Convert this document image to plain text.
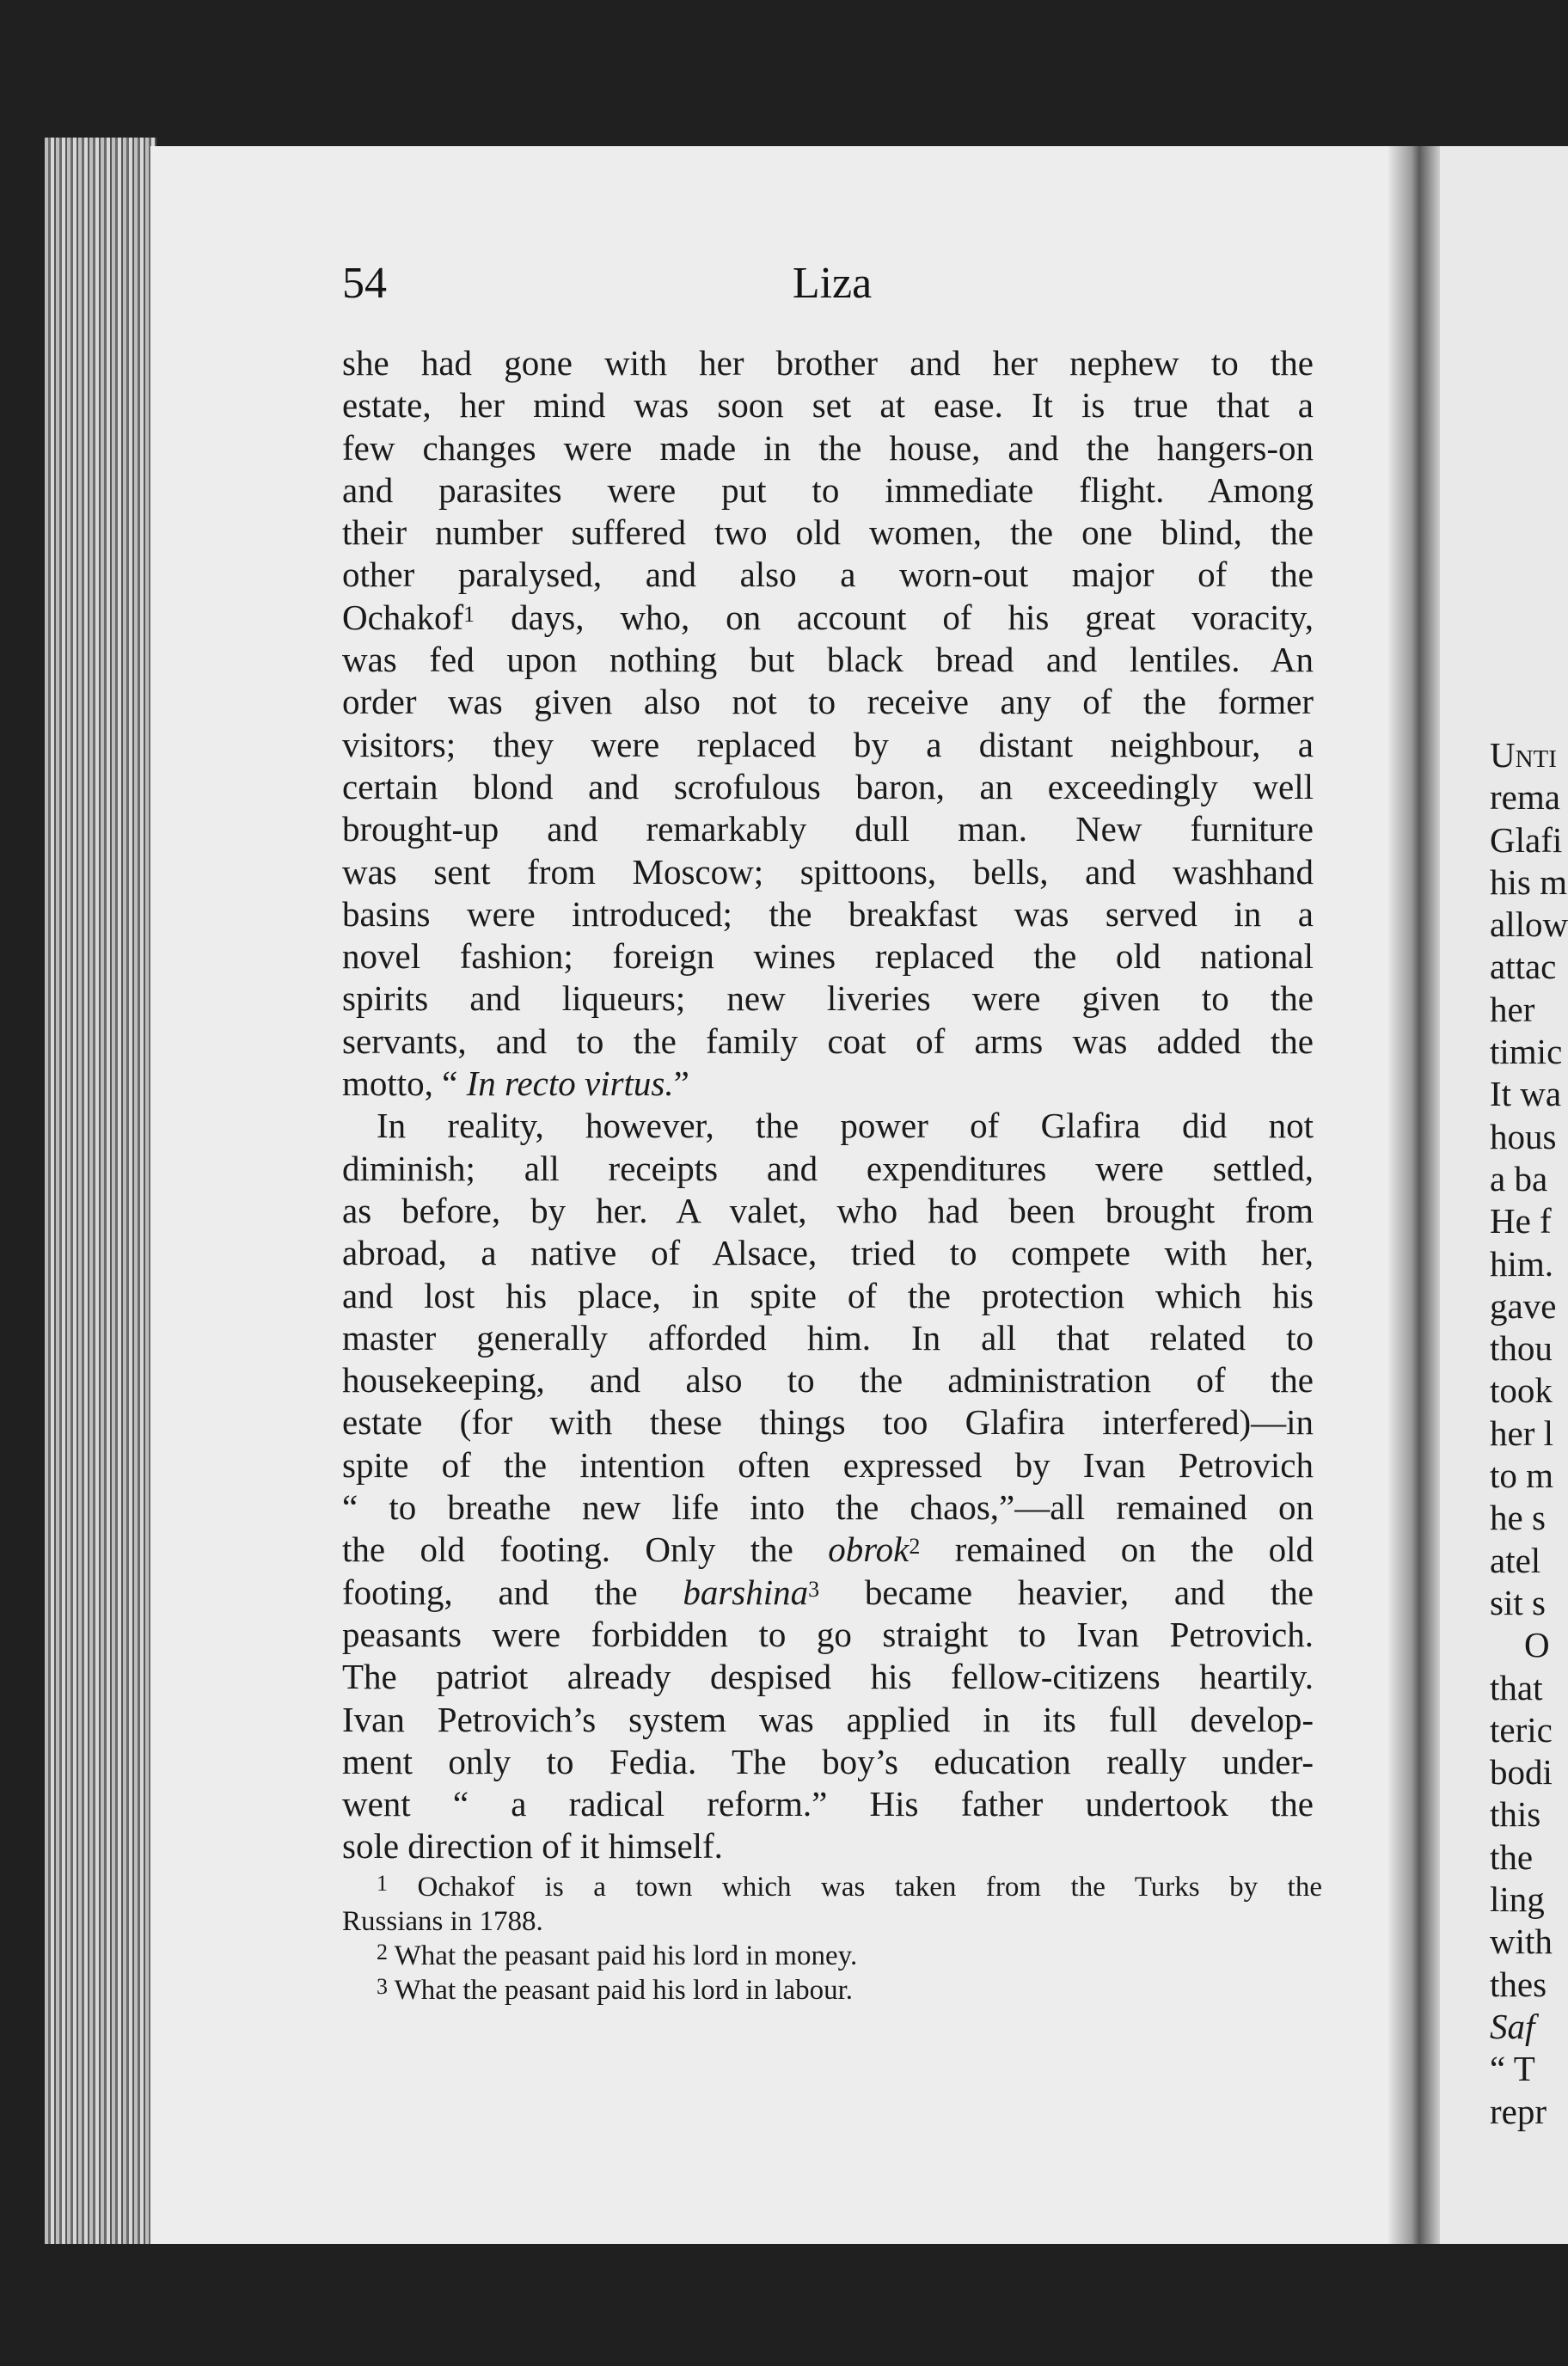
Unti
rema
Glafi
his m
allow
attac
her
timic
It wa
hous
a ba
He f
him.
gave
thou
took
her l
to m
he s
atel
sit s
O
that
teric
bodi
this
the
ling
with
thes
Saf
“ T
repr
54	Liza
she had gone with her brother and her nephew to the
estate, her mind was soon set at ease. It is true that a
few changes were made in the house, and the hangers-on
and parasites were put to immediate flight. Among
their number suffered two old women, the one blind, the
other paralysed, and also a worn-out major of the
Ochakof$^1$ days, who, on account of his great voracity,
was fed upon nothing but black bread and lentiles. An
order was given also not to receive any of the former
visitors; they were replaced by a distant neighbour, a
certain blond and scrofulous baron, an exceedingly well
brought-up and remarkably dull man. New furniture
was sent from Moscow; spittoons, bells, and washhand
basins were introduced; the breakfast was served in a
novel fashion; foreign wines replaced the old national
spirits and liqueurs; new liveries were given to the
servants, and to the family coat of arms was added the
motto, “ In recto virtus.”
In reality, however, the power of Glafira did not
diminish; all receipts and expenditures were settled,
as before, by her. A valet, who had been brought from
abroad, a native of Alsace, tried to compete with her,
and lost his place, in spite of the protection which his
master generally afforded him. In all that related to
housekeeping, and also to the administration of the
estate (for with these things too Glafira interfered)—in
spite of the intention often expressed by Ivan Petrovich
“ to breathe new life into the chaos,”—all remained on
the old footing. Only the obrok$^2$ remained on the old
footing, and the barshina$^3$ became heavier, and the
peasants were forbidden to go straight to Ivan Petrovich.
The patriot already despised his fellow-citizens heartily.
Ivan Petrovich’s system was applied in its full develop-
ment only to Fedia. The boy’s education really under-
went “ a radical reform.” His father undertook the
sole direction of it himself.
$^1$ Ochakof is a town which was taken from the Turks by the
Russians in 1788.
$^2$ What the peasant paid his lord in money.
$^3$ What the peasant paid his lord in labour.
